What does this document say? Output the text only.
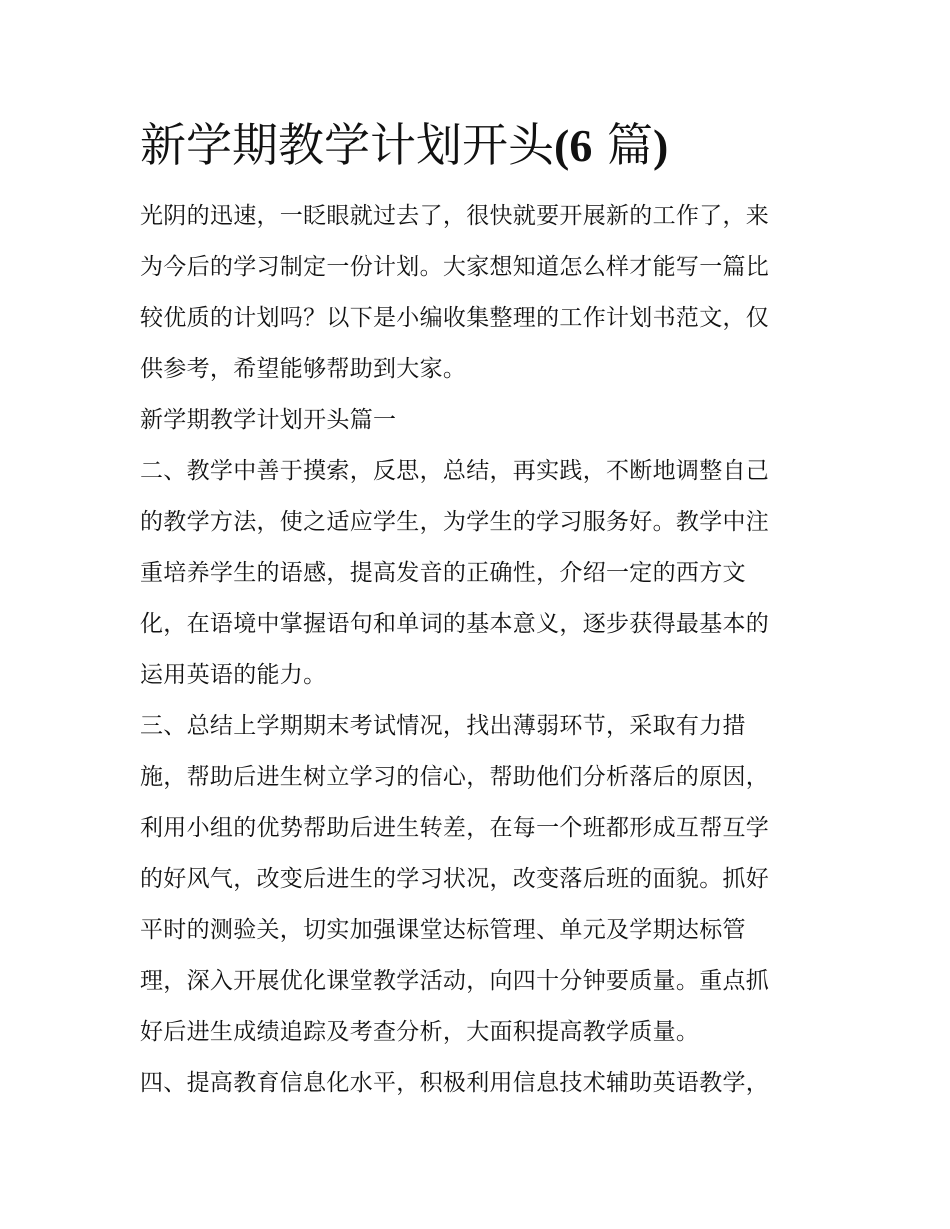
新学期教学计划开头(6 篇)

光阴的迅速，一眨眼就过去了，很快就要开展新的工作了，来
为今后的学习制定一份计划。大家想知道怎么样才能写一篇比
较优质的计划吗？以下是小编收集整理的工作计划书范文，仅
供参考，希望能够帮助到大家。

新学期教学计划开头篇一

二、教学中善于摸索，反思，总结，再实践，不断地调整自己
的教学方法，使之适应学生，为学生的学习服务好。教学中注
重培养学生的语感，提高发音的正确性，介绍一定的西方文
化，在语境中掌握语句和单词的基本意义，逐步获得最基本的
运用英语的能力。

三、总结上学期期末考试情况，找出薄弱环节，采取有力措
施，帮助后进生树立学习的信心，帮助他们分析落后的原因，
利用小组的优势帮助后进生转差，在每一个班都形成互帮互学
的好风气，改变后进生的学习状况，改变落后班的面貌。抓好
平时的测验关，切实加强课堂达标管理、单元及学期达标管
理，深入开展优化课堂教学活动，向四十分钟要质量。重点抓
好后进生成绩追踪及考查分析，大面积提高教学质量。

四、提高教育信息化水平，积极利用信息技术辅助英语教学，
